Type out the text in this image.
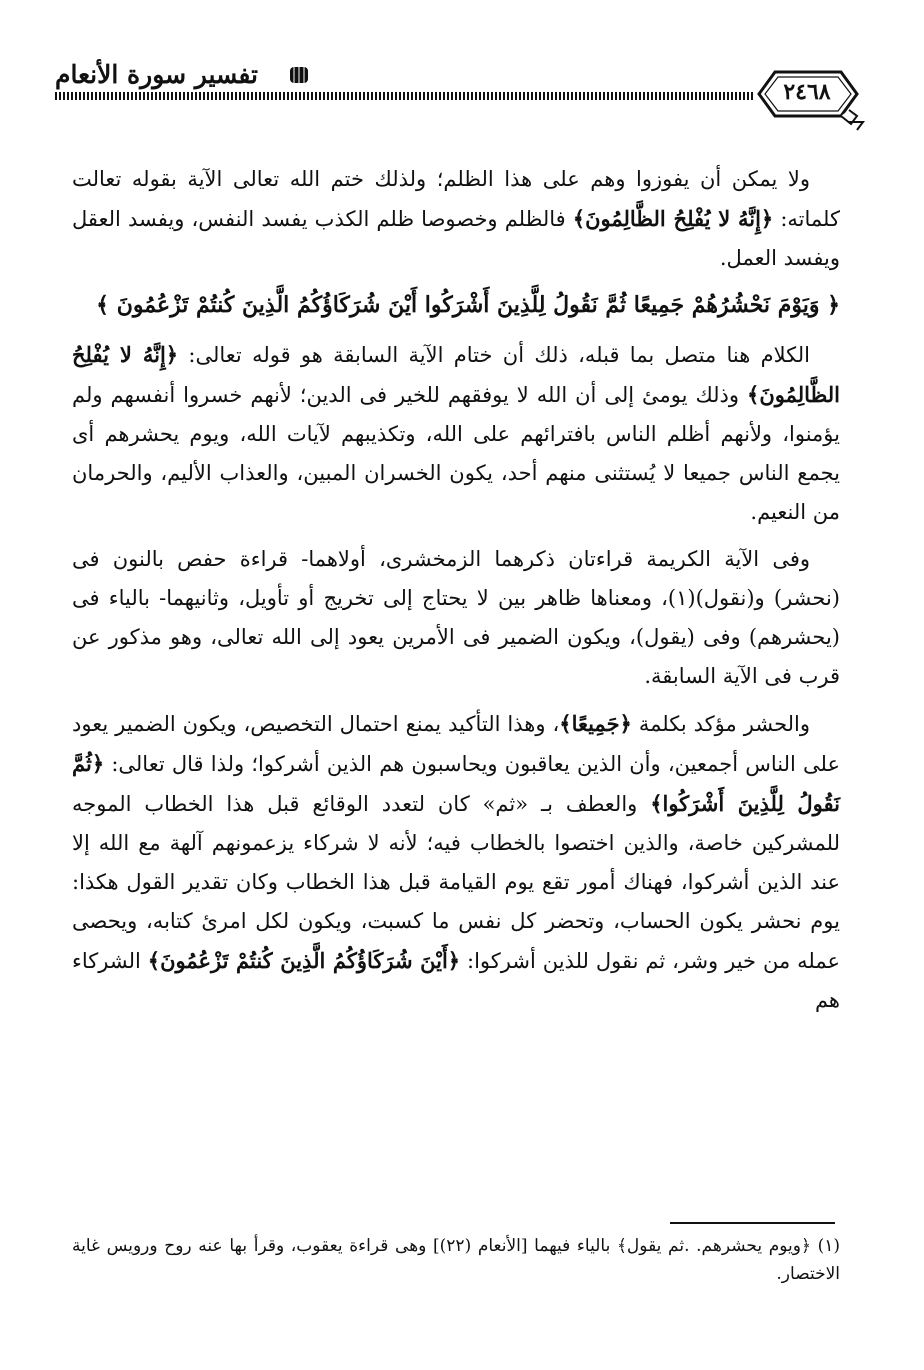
تفسير سورة الأنعام
٢٤٦٨

ولا يمكن أن يفوزوا وهم على هذا الظلم؛ ولذلك ختم الله تعالى الآية بقوله تعالت كلماته: ﴿إِنَّهُ لا يُفْلِحُ الظَّالِمُونَ﴾ فالظلم وخصوصا ظلم الكذب يفسد النفس، ويفسد العقل ويفسد العمل.

﴿ وَيَوْمَ نَحْشُرُهُمْ جَمِيعًا ثُمَّ نَقُولُ لِلَّذِينَ أَشْرَكُوا أَيْنَ شُرَكَاؤُكُمُ الَّذِينَ كُنتُمْ تَزْعُمُونَ ﴾

الكلام هنا متصل بما قبله، ذلك أن ختام الآية السابقة هو قوله تعالى: ﴿إِنَّهُ لا يُفْلِحُ الظَّالِمُونَ﴾ وذلك يومئ إلى أن الله لا يوفقهم للخير فى الدين؛ لأنهم خسروا أنفسهم ولم يؤمنوا، ولأنهم أظلم الناس بافترائهم على الله، وتكذيبهم لآيات الله، ويوم يحشرهم أى يجمع الناس جميعا لا يُستثنى منهم أحد، يكون الخسران المبين، والعذاب الأليم، والحرمان من النعيم.

وفى الآية الكريمة قراءتان ذكرهما الزمخشرى، أولاهما- قراءة حفص بالنون فى (نحشر) و(نقول)(١)، ومعناها ظاهر بين لا يحتاج إلى تخريج أو تأويل، وثانيهما- بالياء فى (يحشرهم) وفى (يقول)، ويكون الضمير فى الأمرين يعود إلى الله تعالى، وهو مذكور عن قرب فى الآية السابقة.

والحشر مؤكد بكلمة ﴿جَمِيعًا﴾، وهذا التأكيد يمنع احتمال التخصيص، ويكون الضمير يعود على الناس أجمعين، وأن الذين يعاقبون ويحاسبون هم الذين أشركوا؛ ولذا قال تعالى: ﴿ثُمَّ نَقُولُ لِلَّذِينَ أَشْرَكُوا﴾ والعطف بـ «ثم» كان لتعدد الوقائع قبل هذا الخطاب الموجه للمشركين خاصة، والذين اختصوا بالخطاب فيه؛ لأنه لا شركاء يزعمونهم آلهة مع الله إلا عند الذين أشركوا، فهناك أمور تقع يوم القيامة قبل هذا الخطاب وكان تقدير القول هكذا: يوم نحشر يكون الحساب، وتحضر كل نفس ما كسبت، ويكون لكل امرئ كتابه، ويحصى عمله من خير وشر، ثم نقول للذين أشركوا: ﴿أَيْنَ شُرَكَاؤُكُمُ الَّذِينَ كُنتُمْ تَزْعُمُونَ﴾ الشركاء هم

(١) ﴿ويوم يحشرهم. .ثم يقول﴾ بالياء فيهما [الأنعام (٢٢)] وهى قراءة يعقوب، وقرأ بها عنه روح ورويس غاية الاختصار.
